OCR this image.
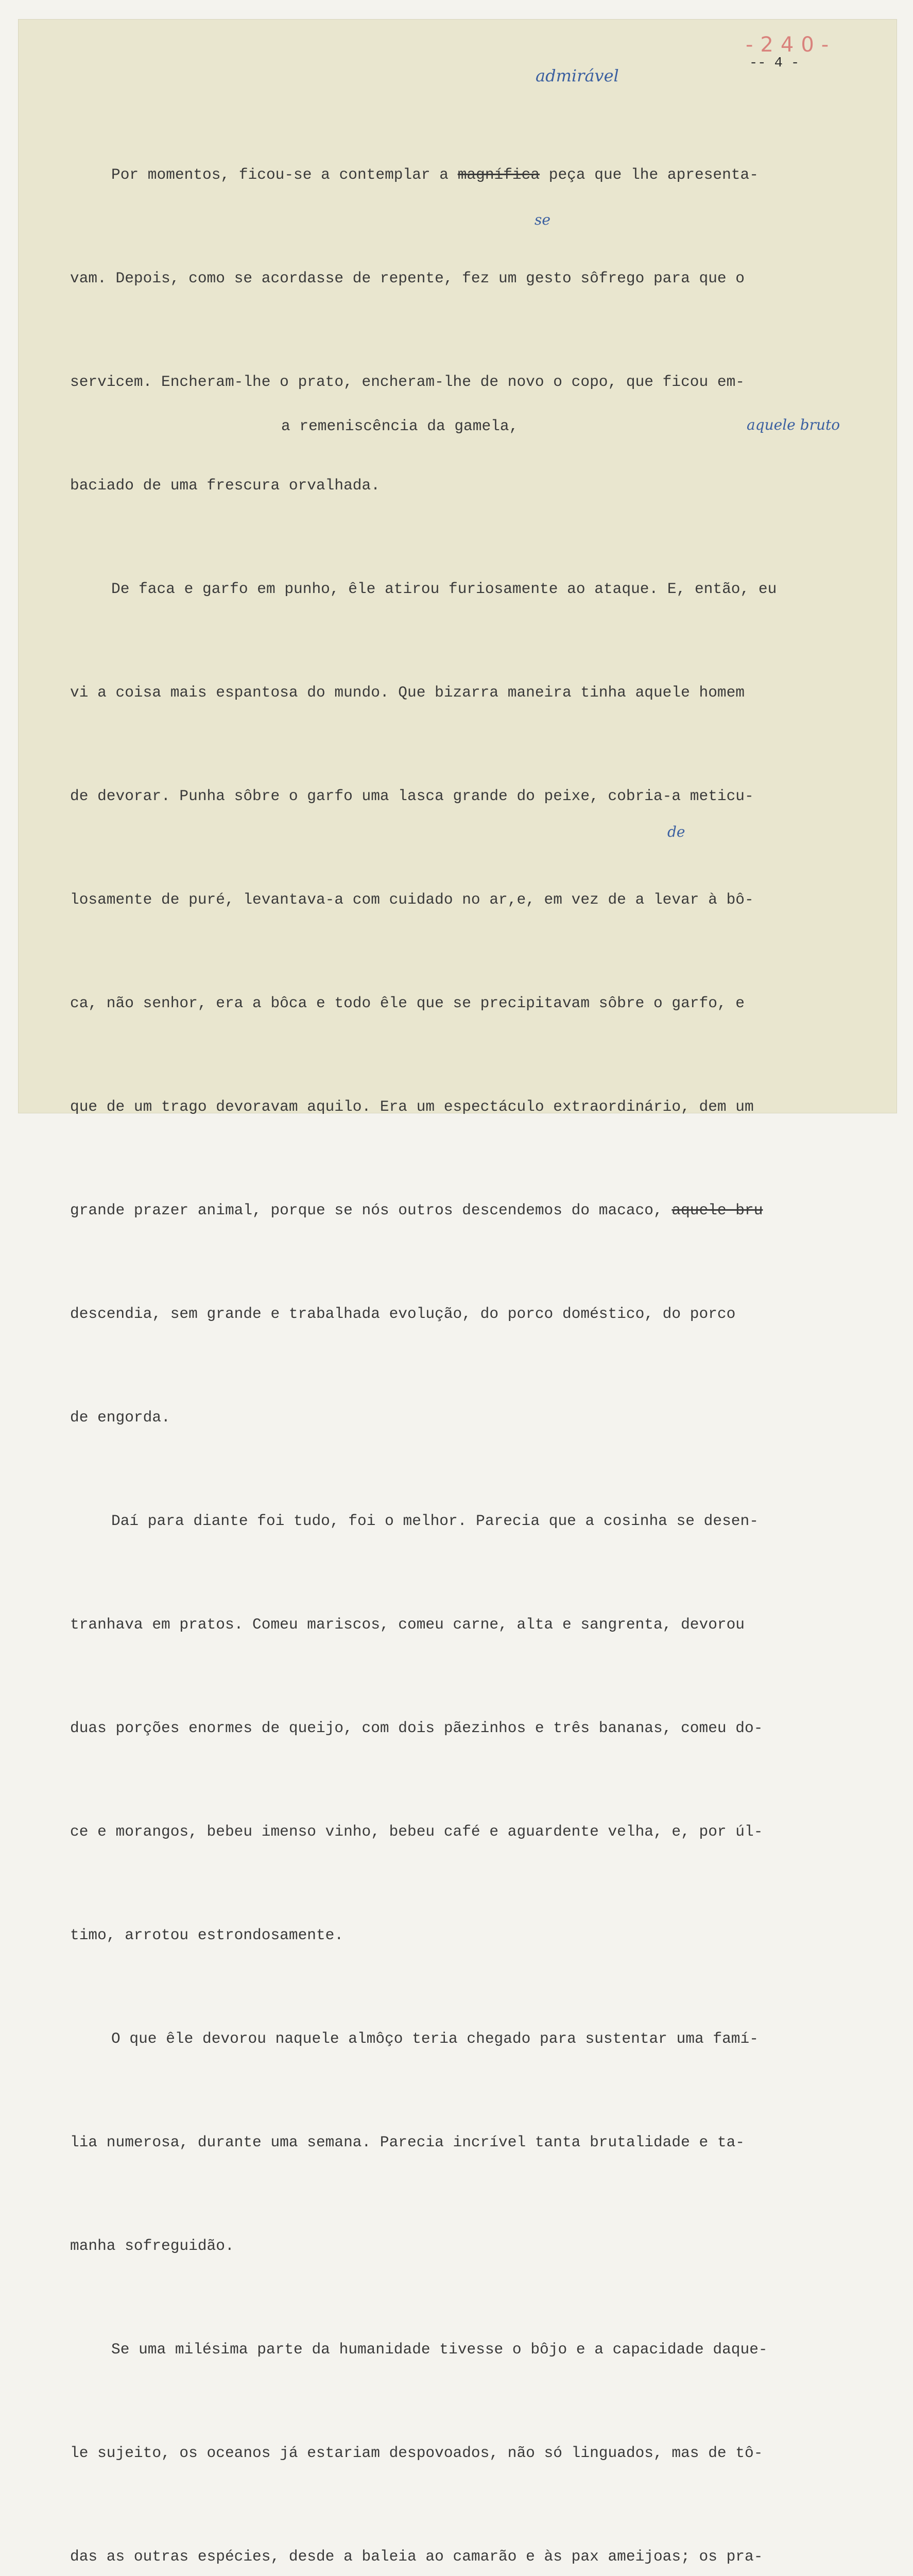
-240-
-- 4 -
admirável
se
aquele bruto
de
a remeniscência da gamela,

Por momentos, ficou-se a contemplar a magnífica peça que lhe apresenta-

vam. Depois, como se acordasse de repente, fez um gesto sôfrego para que o

servicem. Encheram-lhe o prato, encheram-lhe de novo o copo, que ficou em-

baciado de uma frescura orvalhada.

De faca e garfo em punho, êle atirou furiosamente ao ataque. E, então, eu

vi a coisa mais espantosa do mundo. Que bizarra maneira tinha aquele homem

de devorar. Punha sôbre o garfo uma lasca grande do peixe, cobria-a meticu-

losamente de puré, levantava-a com cuidado no ar,e, em vez de a levar à bô-

ca, não senhor, era a bôca e todo êle que se precipitavam sôbre o garfo, e

que de um trago devoravam aquilo. Era um espectáculo extraordinário, dem um

grande prazer animal, porque se nós outros descendemos do macaco, aquele bru

descendia, sem grande e trabalhada evolução, do porco doméstico, do porco

de engorda.

Daí para diante foi tudo, foi o melhor. Parecia que a cosinha se desen-

tranhava em pratos. Comeu mariscos, comeu carne, alta e sangrenta, devorou

duas porções enormes de queijo, com dois pãezinhos e três bananas, comeu do-

ce e morangos, bebeu imenso vinho, bebeu café e aguardente velha, e, por úl-

timo, arrotou estrondosamente.

O que êle devorou naquele almôço teria chegado para sustentar uma famí-

lia numerosa, durante uma semana. Parecia incrível tanta brutalidade e ta-

manha sofreguidão.

Se uma milésima parte da humanidade tivesse o bôjo e a capacidade daque-

le sujeito, os oceanos já estariam despovoados, não só linguados, mas de tô-

das as outras espécies, desde a baleia ao camarão e às pax ameijoas; os pra-
